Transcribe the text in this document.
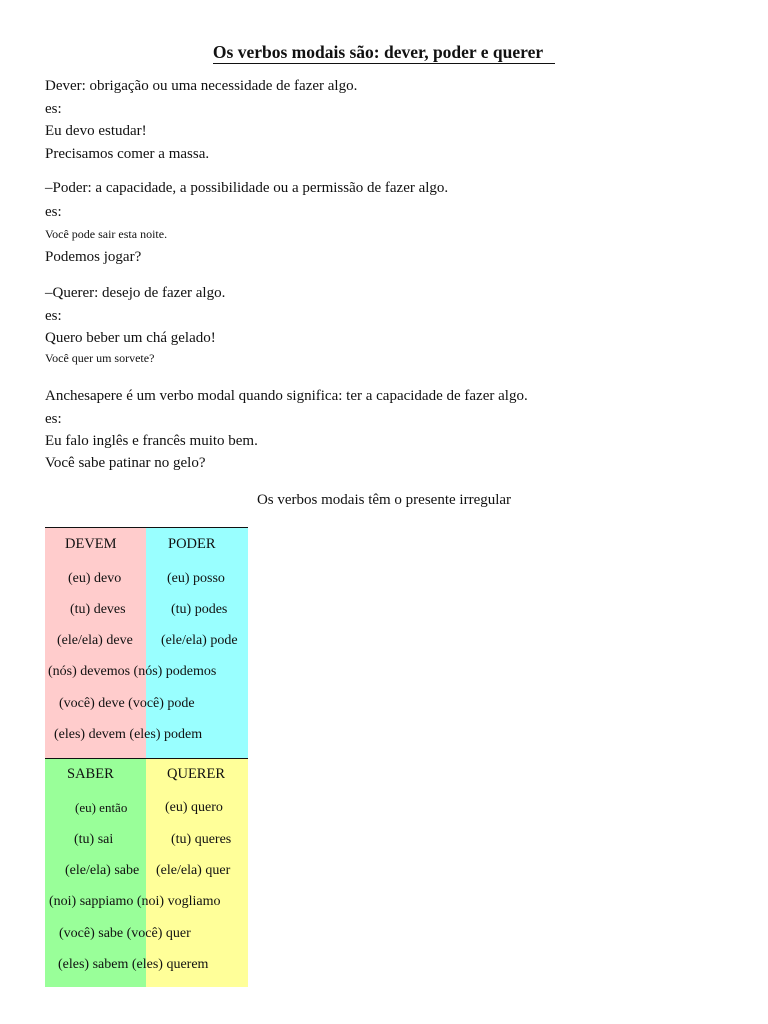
Os verbos modais são: dever, poder e querer
Dever: obrigação ou uma necessidade de fazer algo.
es:
Eu devo estudar!
Precisamos comer a massa.
–Poder: a capacidade, a possibilidade ou a permissão de fazer algo.
es:
Você pode sair esta noite.
Podemos jogar?
–Querer: desejo de fazer algo.
es:
Quero beber um chá gelado!
Você quer um sorvete?
Anchesapere é um verbo modal quando significa: ter a capacidade de fazer algo.
es:
Eu falo inglês e francês muito bem.
Você sabe patinar no gelo?
Os verbos modais têm o presente irregular
DEVEM	PODER
(eu) devo	(eu) posso
(tu) deves	(tu) podes
(ele/ela) deve (ele/ela) pode
(nós) devemos (nós) podemos
(você) deve (você) pode
(eles) devem (eles) podem
SABER	QUERER
(eu) então	(eu) quero
(tu) sai	(tu) queres
(ele/ela) sabe (ele/ela) quer
(noi) sappiamo (noi) vogliamo
(você) sabe (você) quer
(eles) sabem (eles) querem
